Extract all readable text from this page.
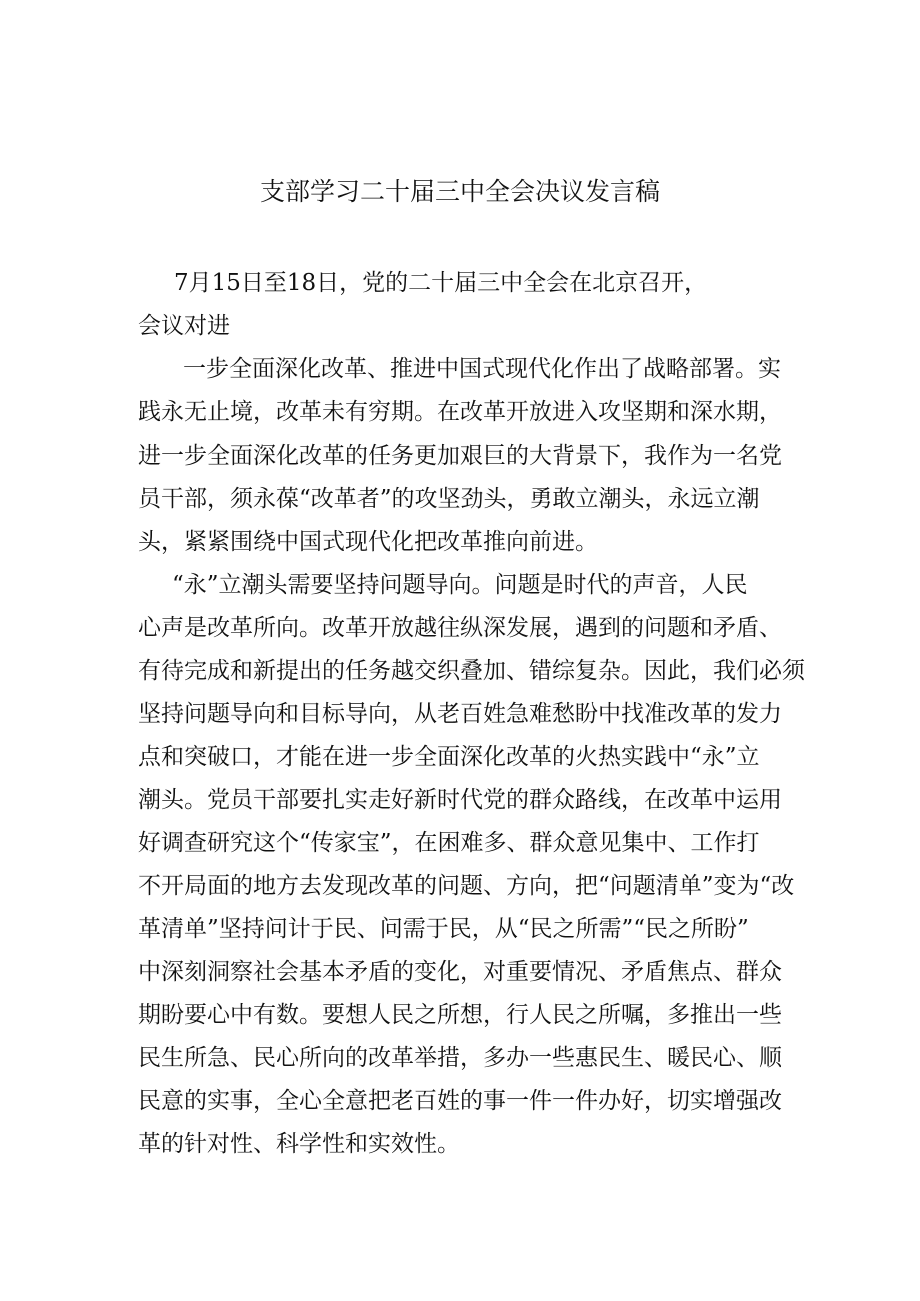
支部学习二十届三中全会决议发言稿

7月15日至18日，党的二十届三中全会在北京召开，

会议对进

一步全面深化改革、推进中国式现代化作出了战略部署。实

践永无止境，改革未有穷期。在改革开放进入攻坚期和深水期，

进一步全面深化改革的任务更加艰巨的大背景下，我作为一名党

员干部，须永葆“改革者”的攻坚劲头，勇敢立潮头，永远立潮

头，紧紧围绕中国式现代化把改革推向前进。

“永”立潮头需要坚持问题导向。问题是时代的声音，人民

心声是改革所向。改革开放越往纵深发展，遇到的问题和矛盾、

有待完成和新提出的任务越交织叠加、错综复杂。因此，我们必须

坚持问题导向和目标导向，从老百姓急难愁盼中找准改革的发力

点和突破口，才能在进一步全面深化改革的火热实践中“永”立

潮头。党员干部要扎实走好新时代党的群众路线，在改革中运用

好调查研究这个“传家宝”，在困难多、群众意见集中、工作打

不开局面的地方去发现改革的问题、方向，把“问题清单”变为“改

革清单”坚持问计于民、问需于民，从“民之所需”“民之所盼”

中深刻洞察社会基本矛盾的变化，对重要情况、矛盾焦点、群众

期盼要心中有数。要想人民之所想，行人民之所嘱，多推出一些

民生所急、民心所向的改革举措，多办一些惠民生、暖民心、顺

民意的实事，全心全意把老百姓的事一件一件办好，切实增强改

革的针对性、科学性和实效性。
